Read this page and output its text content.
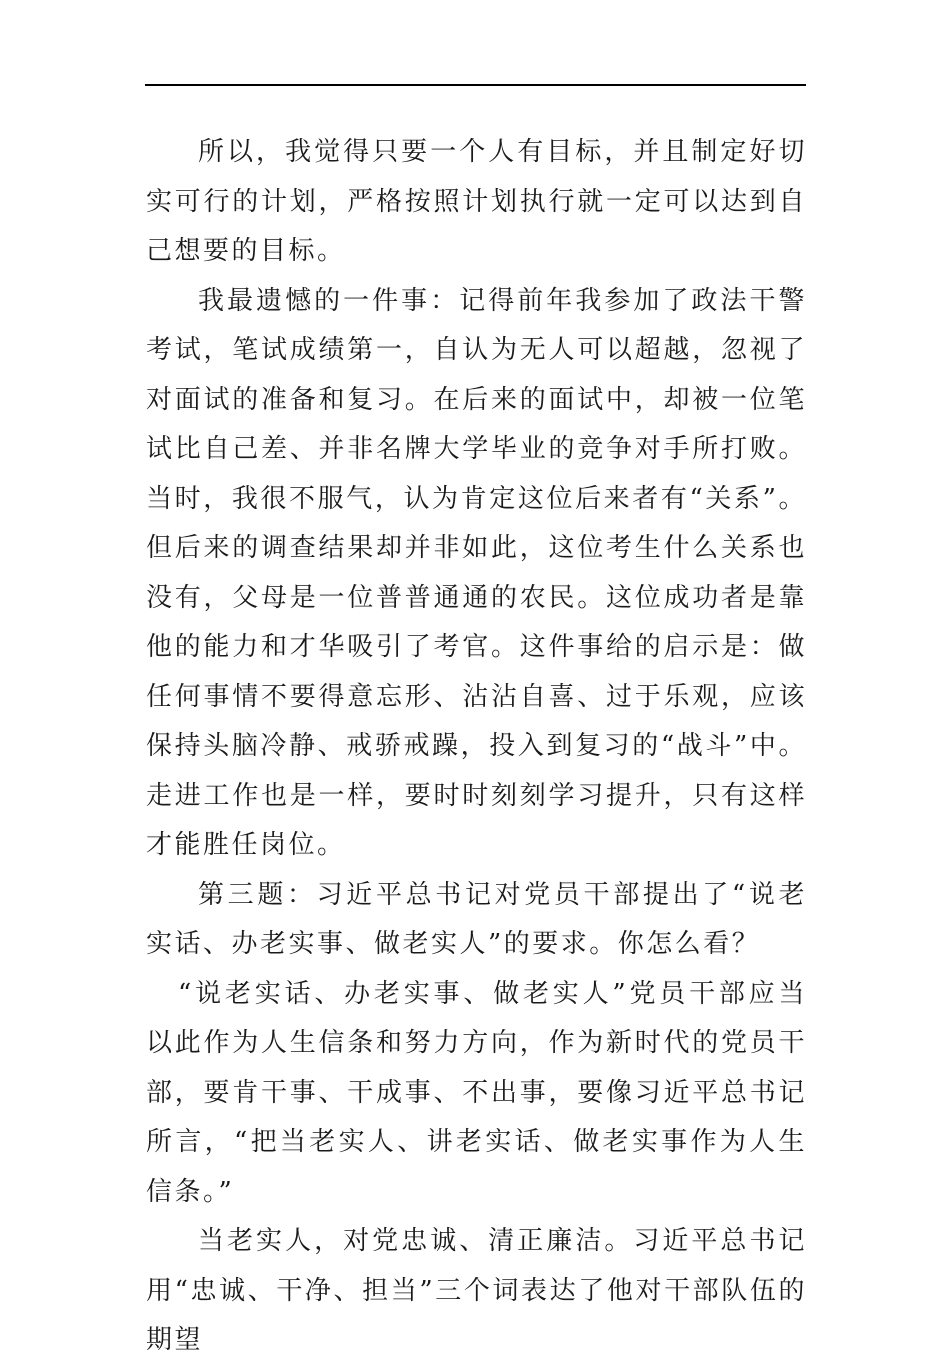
所以，我觉得只要一个人有目标，并且制定好切实可行的计划，严格按照计划执行就一定可以达到自己想要的目标。

我最遗憾的一件事：记得前年我参加了政法干警考试，笔试成绩第一，自认为无人可以超越，忽视了对面试的准备和复习。在后来的面试中，却被一位笔试比自己差、并非名牌大学毕业的竞争对手所打败。当时，我很不服气，认为肯定这位后来者有“关系”。但后来的调查结果却并非如此，这位考生什么关系也没有，父母是一位普普通通的农民。这位成功者是靠他的能力和才华吸引了考官。这件事给的启示是：做任何事情不要得意忘形、沾沾自喜、过于乐观，应该保持头脑冷静、戒骄戒躁，投入到复习的“战斗”中。走进工作也是一样，要时时刻刻学习提升，只有这样才能胜任岗位。

第三题：习近平总书记对党员干部提出了“说老实话、办老实事、做老实人”的要求。你怎么看？

“说老实话、办老实事、做老实人”党员干部应当以此作为人生信条和努力方向，作为新时代的党员干部，要肯干事、干成事、不出事，要像习近平总书记所言，“把当老实人、讲老实话、做老实事作为人生信条。”

当老实人，对党忠诚、清正廉洁。习近平总书记用“忠诚、干净、担当”三个词表达了他对干部队伍的期望
